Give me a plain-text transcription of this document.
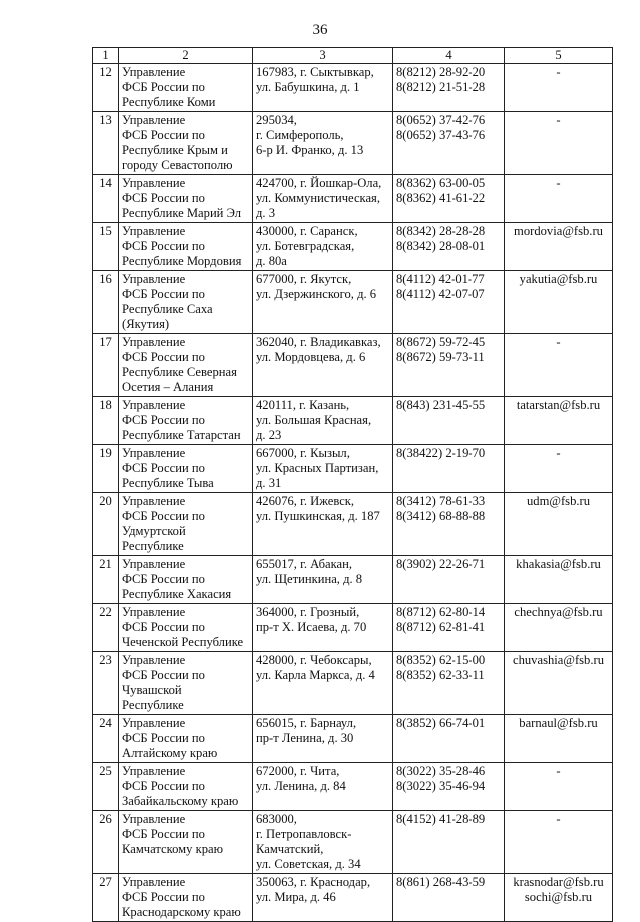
36
1	2	3	4	5
12	Управление
ФСБ России по
Республике Коми	167983, г. Сыктывкар,
ул. Бабушкина, д. 1	8(8212) 28-92-20
8(8212) 21-51-28	-

13	Управление
ФСБ России по
Республике Крым и
городу Севастополю	295034,
г. Симферополь,
6-р И. Франко, д. 13	8(0652) 37-42-76
8(0652) 37-43-76	-

14	Управление
ФСБ России по
Республике Марий Эл	424700, г. Йошкар-Ола,
ул. Коммунистическая,
д. 3	8(8362) 63-00-05
8(8362) 41-61-22	-

15	Управление
ФСБ России по
Республике Мордовия	430000, г. Саранск,
ул. Ботевградская,
д. 80а	8(8342) 28-28-28
8(8342) 28-08-01	mordovia@fsb.ru

16	Управление
ФСБ России по
Республике Саха
(Якутия)	677000, г. Якутск,
ул. Дзержинского, д. 6	8(4112) 42-01-77
8(4112) 42-07-07	yakutia@fsb.ru

17	Управление
ФСБ России по
Республике Северная
Осетия – Алания	362040, г. Владикавказ,
ул. Мордовцева, д. 6	8(8672) 59-72-45
8(8672) 59-73-11	-

18	Управление
ФСБ России по
Республике Татарстан	420111, г. Казань,
ул. Большая Красная,
д. 23	8(843) 231-45-55	tatarstan@fsb.ru

19	Управление
ФСБ России по
Республике Тыва	667000, г. Кызыл,
ул. Красных Партизан,
д. 31	8(38422) 2-19-70	-

20	Управление
ФСБ России по
Удмуртской
Республике	426076, г. Ижевск,
ул. Пушкинская, д. 187	8(3412) 78-61-33
8(3412) 68-88-88	udm@fsb.ru

21	Управление
ФСБ России по
Республике Хакасия	655017, г. Абакан,
ул. Щетинкина, д. 8	8(3902) 22-26-71	khakasia@fsb.ru

22	Управление
ФСБ России по
Чеченской Республике	364000, г. Грозный,
пр-т Х. Исаева, д. 70	8(8712) 62-80-14
8(8712) 62-81-41	chechnya@fsb.ru

23	Управление
ФСБ России по
Чувашской
Республике	428000, г. Чебоксары,
ул. Карла Маркса, д. 4	8(8352) 62-15-00
8(8352) 62-33-11	chuvashia@fsb.ru

24	Управление
ФСБ России по
Алтайскому краю	656015, г. Барнаул,
пр-т Ленина, д. 30	8(3852) 66-74-01	barnaul@fsb.ru

25	Управление
ФСБ России по
Забайкальскому краю	672000, г. Чита,
ул. Ленина, д. 84	8(3022) 35-28-46
8(3022) 35-46-94	-

26	Управление
ФСБ России по
Камчатскому краю	683000,
г. Петропавловск-
Камчатский,
ул. Советская, д. 34	8(4152) 41-28-89	-

27	Управление
ФСБ России по
Краснодарскому краю	350063, г. Краснодар,
ул. Мира, д. 46	8(861) 268-43-59	krasnodar@fsb.ru
sochi@fsb.ru
